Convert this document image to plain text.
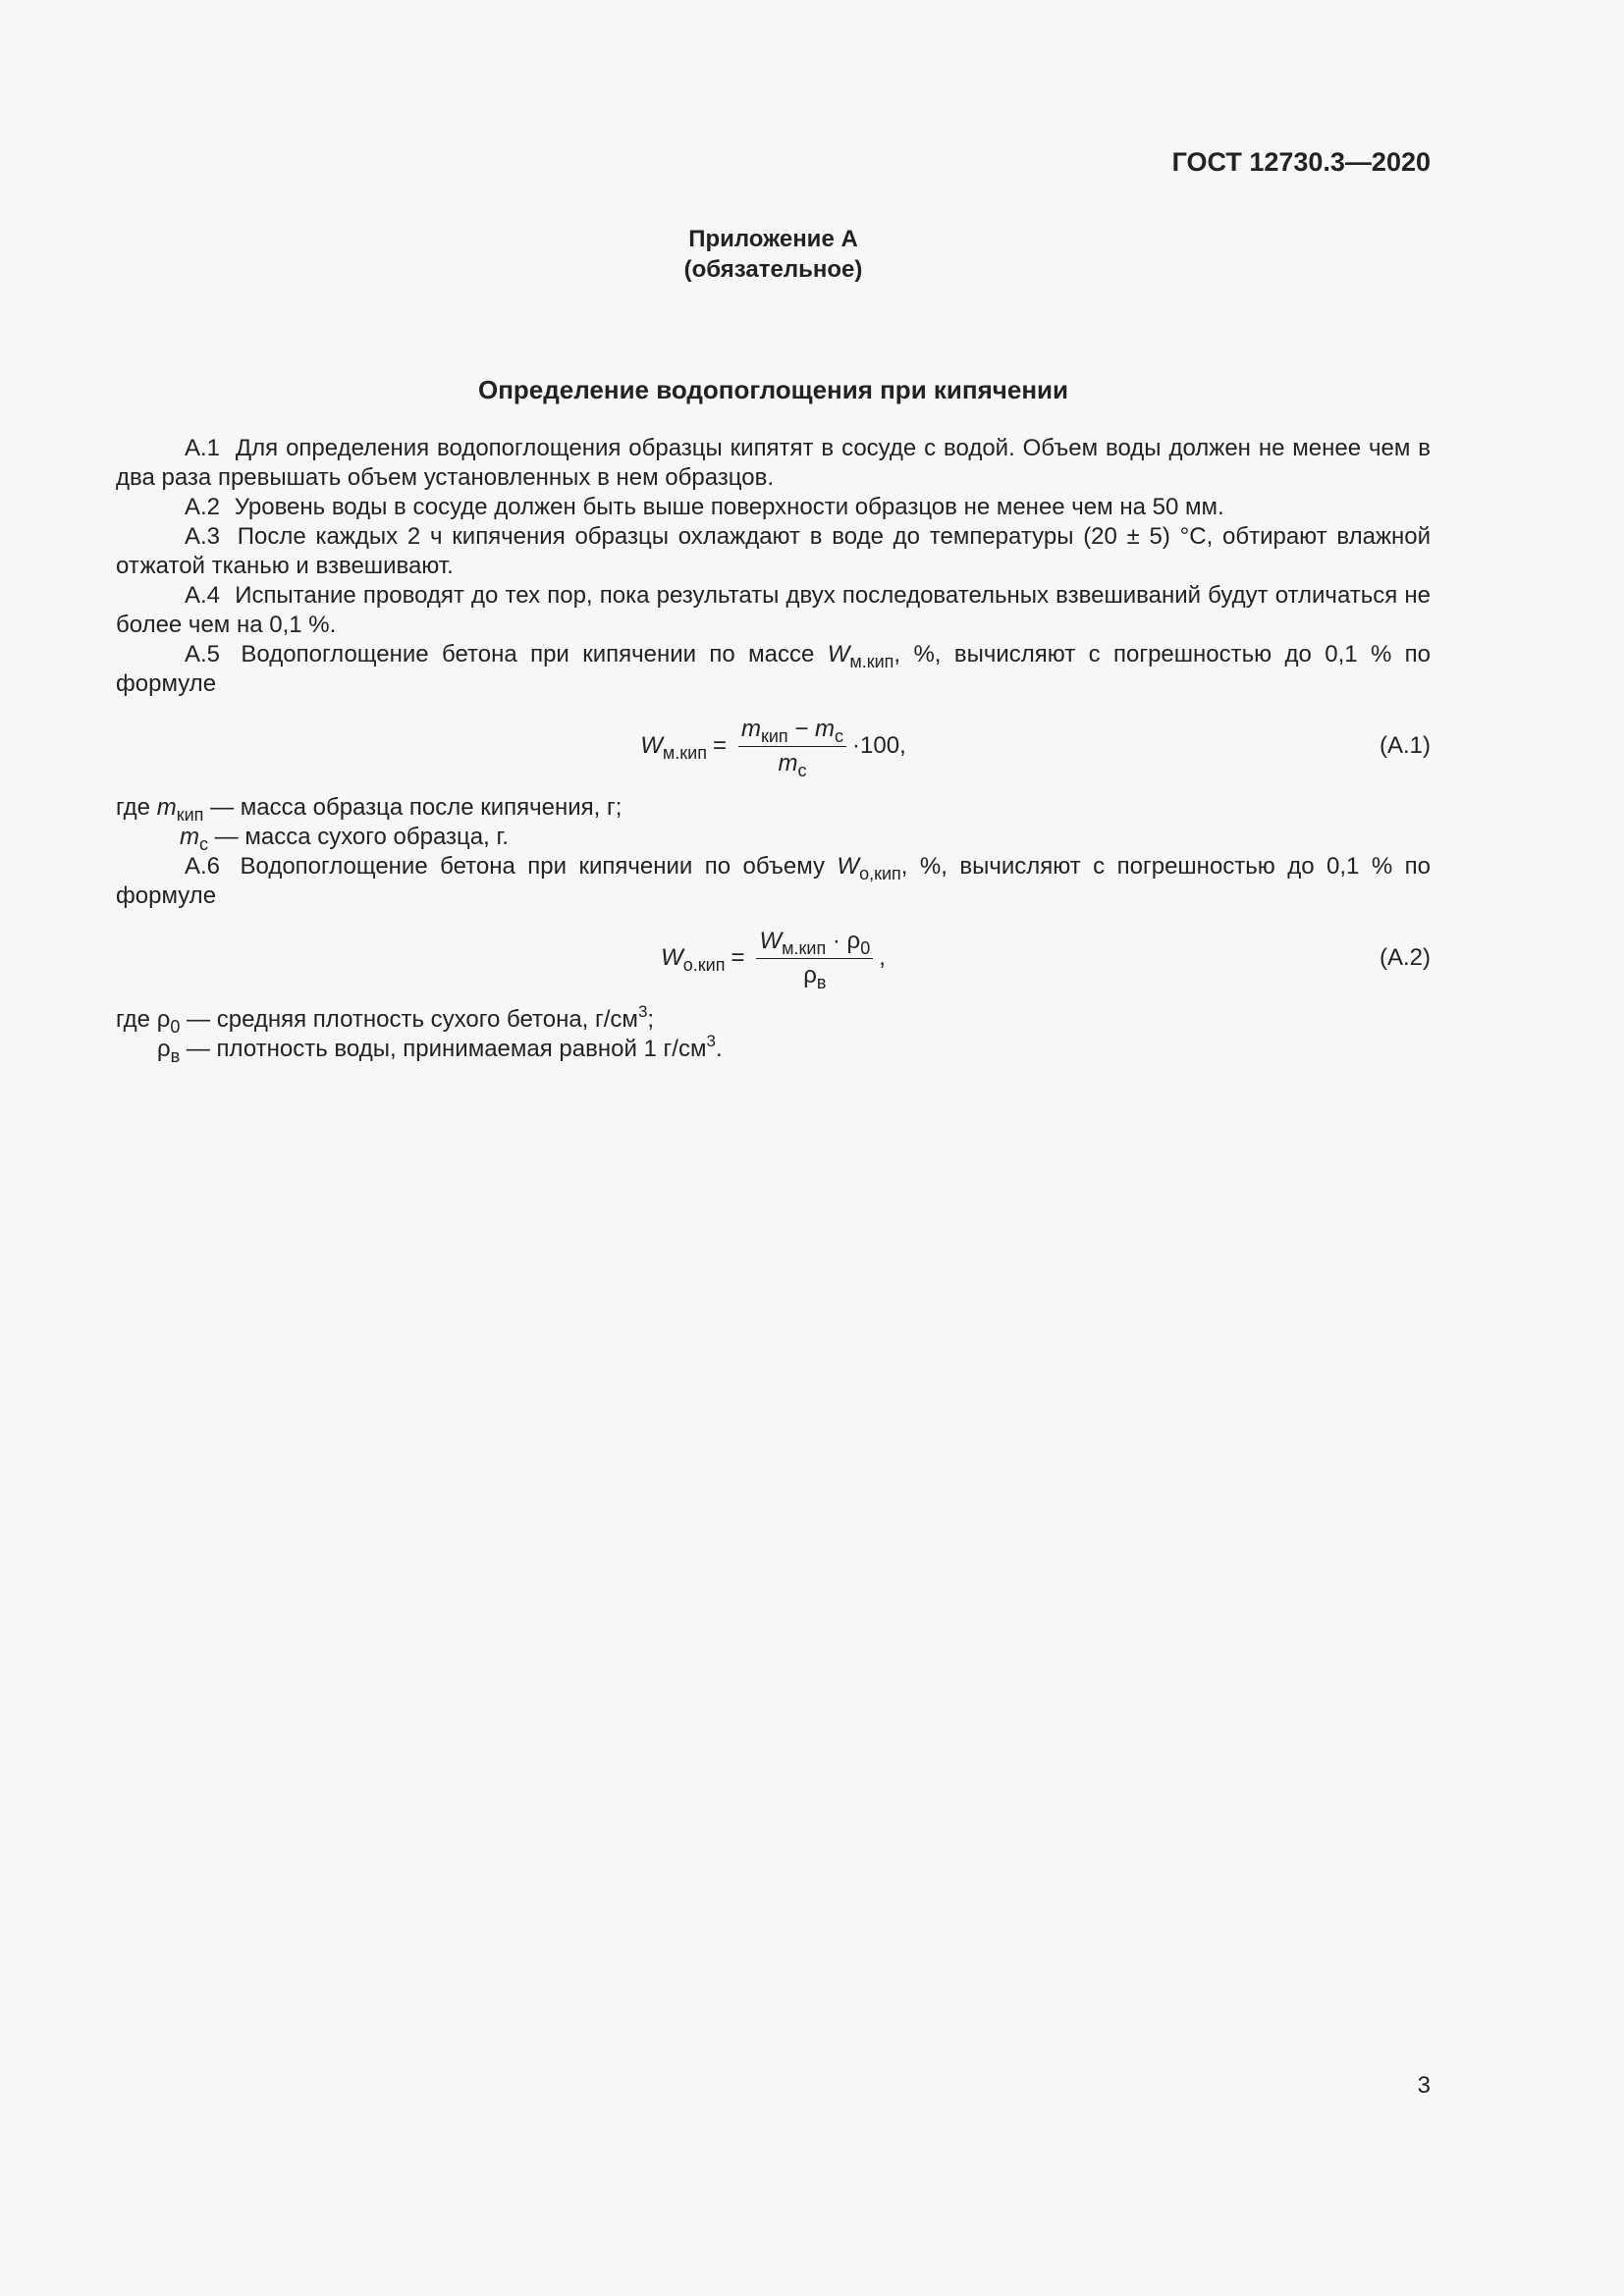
ГОСТ 12730.3—2020
Приложение А
(обязательное)
Определение водопоглощения при кипячении

А.1 Для определения водопоглощения образцы кипятят в сосуде с водой. Объем воды должен не менее чем в два раза превышать объем установленных в нем образцов.

А.2 Уровень воды в сосуде должен быть выше поверхности образцов не менее чем на 50 мм.

А.3 После каждых 2 ч кипячения образцы охлаждают в воде до температуры (20 ± 5) °С, обтирают влажной отжатой тканью и взвешивают.

А.4 Испытание проводят до тех пор, пока результаты двух последовательных взвешиваний будут отличаться не более чем на 0,1 %.

А.5 Водопоглощение бетона при кипячении по массе $W_{м.кип}$, %, вычисляют с погрешностью до 0,1 % по формуле

$W_{м.кип} = \frac{m_{кип} - m_с}{m_с} \cdot 100$,	(А.1)

где $m_{кип}$ — масса образца после кипячения, г;

$m_с$ — масса сухого образца, г.

А.6 Водопоглощение бетона при кипячении по объему $W_{о,кип}$, %, вычисляют с погрешностью до 0,1 % по формуле

$W_{о.кип} = \frac{W_{м.кип} \cdot \rho_0}{\rho_в}$ ,	(А.2)

где $\rho_0$ — средняя плотность сухого бетона, $г/см^3$;

$\rho_в$ — плотность воды, принимаемая равной 1 $г/см^3$.

3
